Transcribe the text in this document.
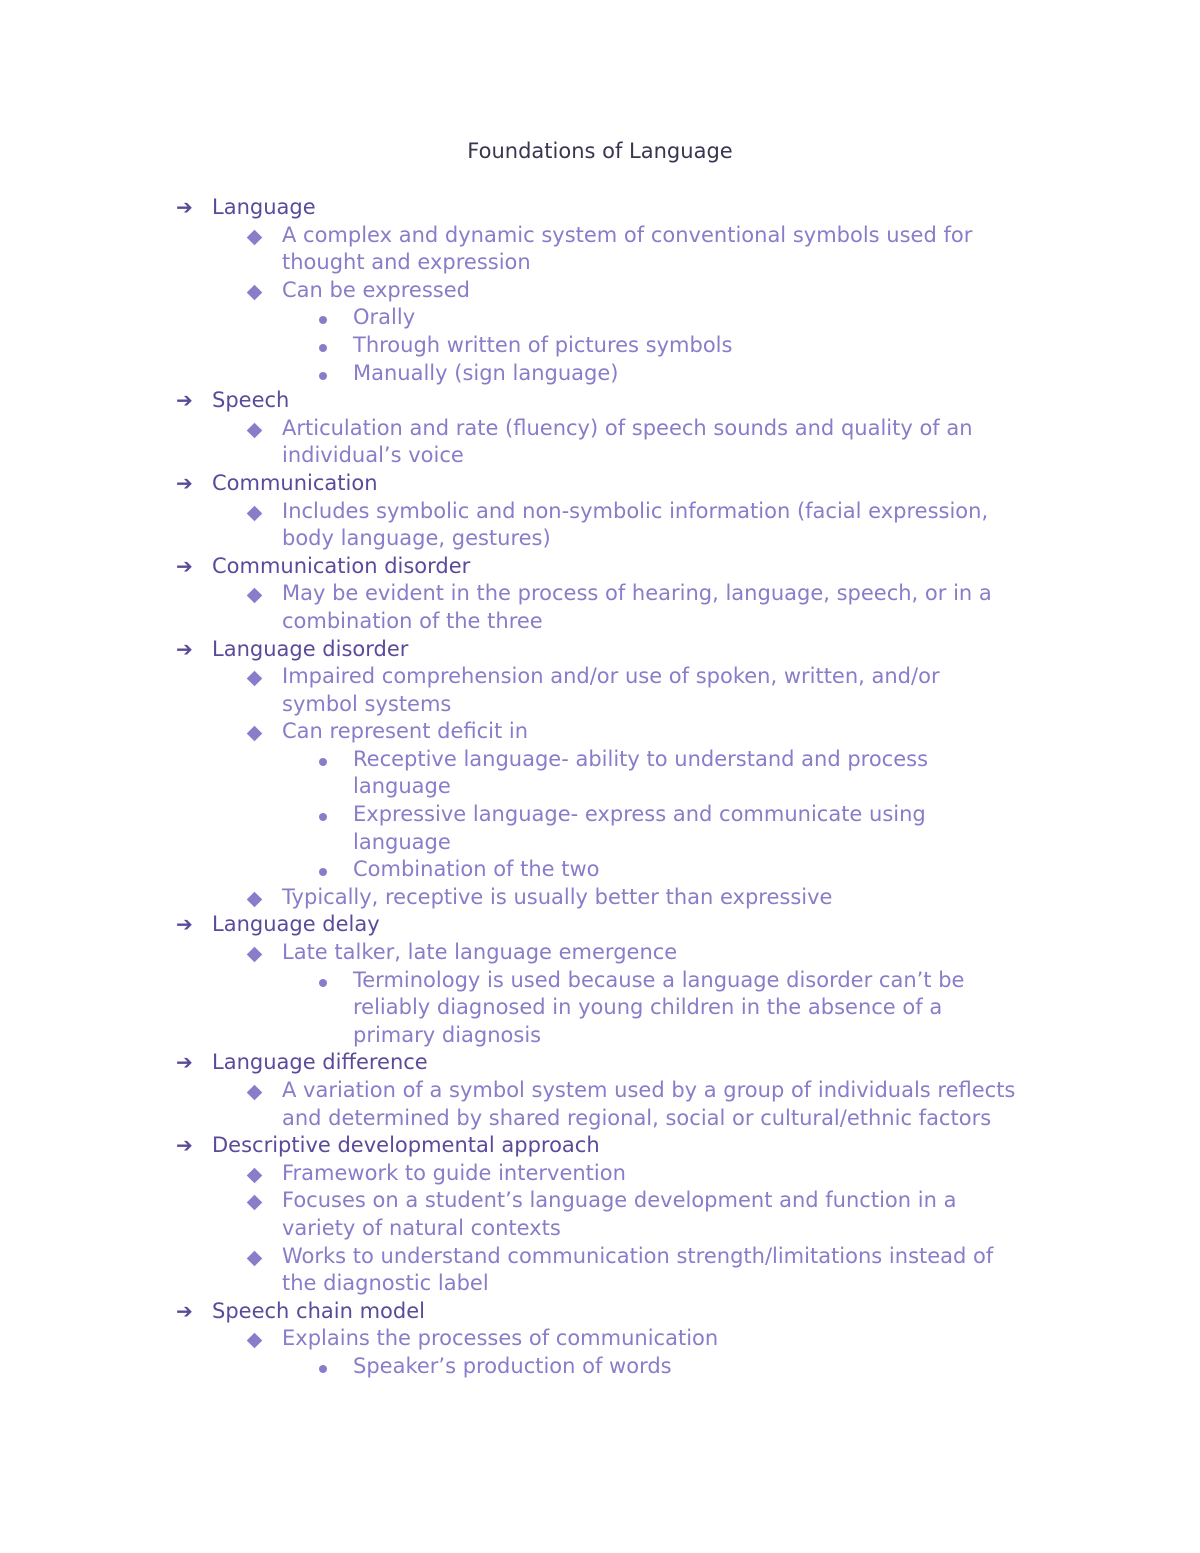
Foundations of Language
➔ Language
A complex and dynamic system of conventional symbols used for
thought and expression
Can be expressed
Orally
Through written of pictures symbols
Manually (sign language)
➔ Speech
Articulation and rate (fluency) of speech sounds and quality of an
individual’s voice
➔ Communication
Includes symbolic and non-symbolic information (facial expression,
body language, gestures)
➔ Communication disorder
May be evident in the process of hearing, language, speech, or in a
combination of the three
➔ Language disorder
Impaired comprehension and/or use of spoken, written, and/or
symbol systems
Can represent deficit in
Receptive language- ability to understand and process
language
Expressive language- express and communicate using
language
Combination of the two
Typically, receptive is usually better than expressive
➔ Language delay
Late talker, late language emergence
Terminology is used because a language disorder can’t be
reliably diagnosed in young children in the absence of a
primary diagnosis
➔ Language difference
A variation of a symbol system used by a group of individuals reflects
and determined by shared regional, social or cultural/ethnic factors
➔ Descriptive developmental approach
Framework to guide intervention
Focuses on a student’s language development and function in a
variety of natural contexts
Works to understand communication strength/limitations instead of
the diagnostic label
➔ Speech chain model
Explains the processes of communication
Speaker’s production of words
